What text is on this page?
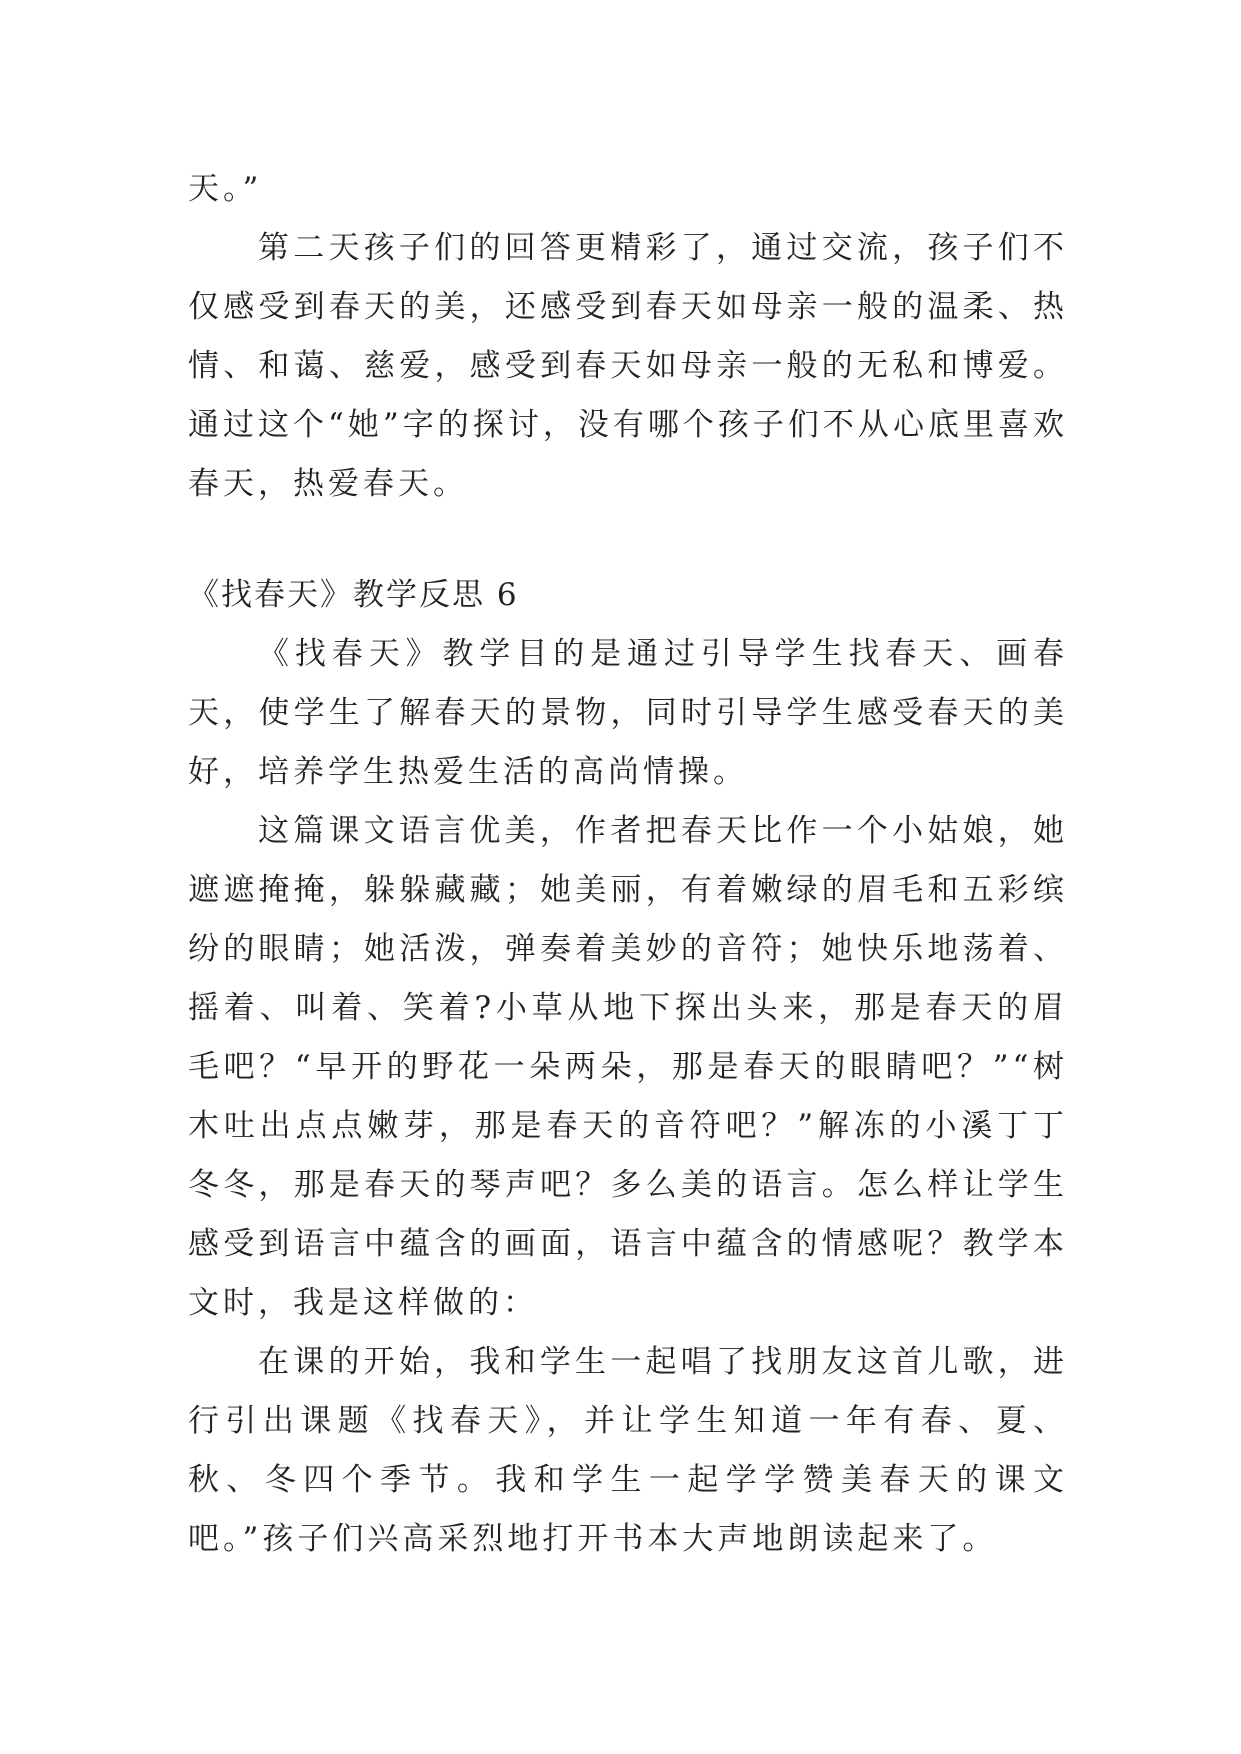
天。”

第二天孩子们的回答更精彩了，通过交流，孩子们不仅感受到春天的美，还感受到春天如母亲一般的温柔、热情、和蔼、慈爱，感受到春天如母亲一般的无私和博爱。通过这个“她”字的探讨，没有哪个孩子们不从心底里喜欢春天，热爱春天。

《找春天》教学反思 6

《找春天》教学目的是通过引导学生找春天、画春天，使学生了解春天的景物，同时引导学生感受春天的美好，培养学生热爱生活的高尚情操。

这篇课文语言优美，作者把春天比作一个小姑娘，她遮遮掩掩，躲躲藏藏；她美丽，有着嫩绿的眉毛和五彩缤纷的眼睛；她活泼，弹奏着美妙的音符；她快乐地荡着、摇着、叫着、笑着?小草从地下探出头来，那是春天的眉毛吧？“早开的野花一朵两朵，那是春天的眼睛吧？”“树木吐出点点嫩芽，那是春天的音符吧？”解冻的小溪丁丁冬冬，那是春天的琴声吧？多么美的语言。怎么样让学生感受到语言中蕴含的画面，语言中蕴含的情感呢？教学本文时，我是这样做的：

在课的开始，我和学生一起唱了找朋友这首儿歌，进行引出课题《找春天》，并让学生知道一年有春、夏、秋、冬四个季节。我和学生一起学学赞美春天的课文吧。”孩子们兴高采烈地打开书本大声地朗读起来了。
